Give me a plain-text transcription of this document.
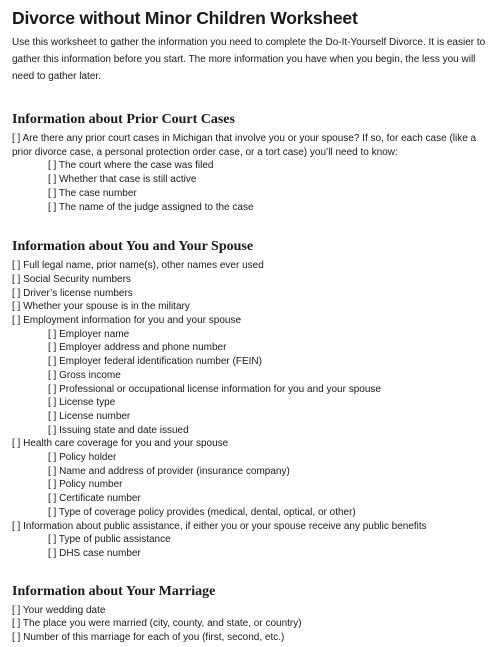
Divorce without Minor Children Worksheet

Use this worksheet to gather the information you need to complete the Do-It-Yourself Divorce. It is easier to gather this information before you start. The more information you have when you begin, the less you will need to gather later.

Information about Prior Court Cases
[ ] Are there any prior court cases in Michigan that involve you or your spouse? If so, for each case (like a prior divorce case, a personal protection order case, or a tort case) you’ll need to know:
[ ] The court where the case was filed
[ ] Whether that case is still active
[ ] The case number
[ ] The name of the judge assigned to the case
Information about You and Your Spouse
[ ] Full legal name, prior name(s), other names ever used
[ ] Social Security numbers
[ ] Driver’s license numbers
[ ] Whether your spouse is in the military
[ ] Employment information for you and your spouse
[ ] Employer name
[ ] Employer address and phone number
[ ] Employer federal identification number (FEIN)
[ ] Gross income
[ ] Professional or occupational license information for you and your spouse
[ ] License type
[ ] License number
[ ] Issuing state and date issued
[ ] Health care coverage for you and your spouse
[ ] Policy holder
[ ] Name and address of provider (insurance company)
[ ] Policy number
[ ] Certificate number
[ ] Type of coverage policy provides (medical, dental, optical, or other)
[ ] Information about public assistance, if either you or your spouse receive any public benefits
[ ] Type of public assistance
[ ] DHS case number
Information about Your Marriage
[ ] Your wedding date
[ ] The place you were married (city, county, and state, or country)
[ ] Number of this marriage for each of you (first, second, etc.)
